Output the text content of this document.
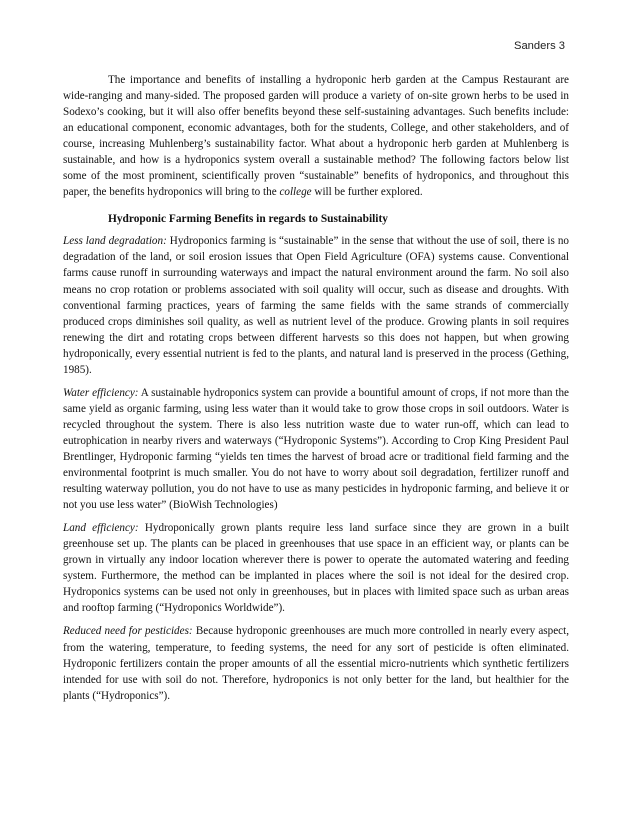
Sanders 3

The importance and benefits of installing a hydroponic herb garden at the Campus Restaurant are wide-ranging and many-sided. The proposed garden will produce a variety of on-site grown herbs to be used in Sodexo’s cooking, but it will also offer benefits beyond these self-sustaining advantages. Such benefits include: an educational component, economic advantages, both for the students, College, and other stakeholders, and of course, increasing Muhlenberg’s sustainability factor. What about a hydroponic herb garden at Muhlenberg is sustainable, and how is a hydroponics system overall a sustainable method? The following factors below list some of the most prominent, scientifically proven “sustainable” benefits of hydroponics, and throughout this paper, the benefits hydroponics will bring to the college will be further explored.

Hydroponic Farming Benefits in regards to Sustainability

Less land degradation: Hydroponics farming is “sustainable” in the sense that without the use of soil, there is no degradation of the land, or soil erosion issues that Open Field Agriculture (OFA) systems cause. Conventional farms cause runoff in surrounding waterways and impact the natural environment around the farm. No soil also means no crop rotation or problems associated with soil quality will occur, such as disease and droughts. With conventional farming practices, years of farming the same fields with the same strands of commercially produced crops diminishes soil quality, as well as nutrient level of the produce. Growing plants in soil requires renewing the dirt and rotating crops between different harvests so this does not happen, but when growing hydroponically, every essential nutrient is fed to the plants, and natural land is preserved in the process (Gething, 1985).

Water efficiency: A sustainable hydroponics system can provide a bountiful amount of crops, if not more than the same yield as organic farming, using less water than it would take to grow those crops in soil outdoors. Water is recycled throughout the system. There is also less nutrition waste due to water run-off, which can lead to eutrophication in nearby rivers and waterways (“Hydroponic Systems”). According to Crop King President Paul Brentlinger, Hydroponic farming “yields ten times the harvest of broad acre or traditional field farming and the environmental footprint is much smaller. You do not have to worry about soil degradation, fertilizer runoff and resulting waterway pollution, you do not have to use as many pesticides in hydroponic farming, and believe it or not you use less water” (BioWish Technologies)

Land efficiency: Hydroponically grown plants require less land surface since they are grown in a built greenhouse set up. The plants can be placed in greenhouses that use space in an efficient way, or plants can be grown in virtually any indoor location wherever there is power to operate the automated watering and feeding system. Furthermore, the method can be implanted in places where the soil is not ideal for the desired crop. Hydroponics systems can be used not only in greenhouses, but in places with limited space such as urban areas and rooftop farming (“Hydroponics Worldwide”).

Reduced need for pesticides: Because hydroponic greenhouses are much more controlled in nearly every aspect, from the watering, temperature, to feeding systems, the need for any sort of pesticide is often eliminated. Hydroponic fertilizers contain the proper amounts of all the essential micro-nutrients which synthetic fertilizers intended for use with soil do not. Therefore, hydroponics is not only better for the land, but healthier for the plants (“Hydroponics”).
